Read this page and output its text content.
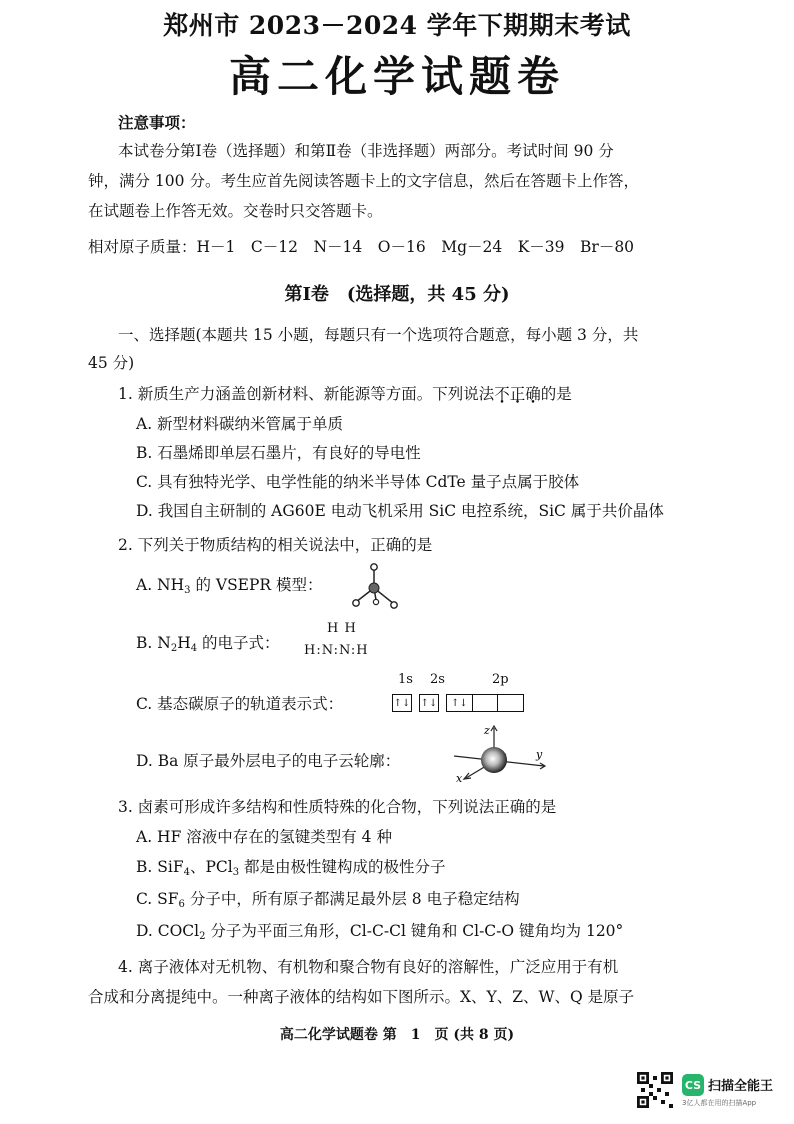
郑州市 2023－2024 学年下期期末考试
高二化学试题卷
注意事项：
本试卷分第Ⅰ卷（选择题）和第Ⅱ卷（非选择题）两部分。考试时间 90 分
钟，满分 100 分。考生应首先阅读答题卡上的文字信息，然后在答题卡上作答，
在试题卷上作答无效。交卷时只交答题卡。
相对原子质量：H－1　C－12　N－14　O－16　Mg－24　K－39　Br－80
第Ⅰ卷　(选择题，共 45 分)
一、选择题(本题共 15 小题，每题只有一个选项符合题意，每小题 3 分，共
45 分)
1. 新质生产力涵盖创新材料、新能源等方面。下列说法不正确的是
A. 新型材料碳纳米管属于单质
B. 石墨烯即单层石墨片，有良好的导电性
C. 具有独特光学、电学性能的纳米半导体 CdTe 量子点属于胶体
D. 我国自主研制的 AG60E 电动飞机采用 SiC 电控系统，SiC 属于共价晶体
2. 下列关于物质结构的相关说法中，正确的是
A. $NH_3$ 的 VSEPR 模型：
B. $N_2H_4$ 的电子式：
H H
H:N:N:H
C. 基态碳原子的轨道表示式：
1s 2s	2p
↑↓ ↑↓	↑↓
D. Ba 原子最外层电子的电子云轮廓：
z
y
x
3. 卤素可形成许多结构和性质特殊的化合物，下列说法正确的是
A. HF 溶液中存在的氢键类型有 4 种
B. SiF$_4$、PCl$_3$ 都是由极性键构成的极性分子
C. $SF_6$ 分子中，所有原子都满足最外层 8 电子稳定结构
D. COCl$_2$ 分子为平面三角形，Cl-C-Cl 键角和 Cl-C-O 键角均为 120°
4. 离子液体对无机物、有机物和聚合物有良好的溶解性，广泛应用于有机
合成和分离提纯中。一种离子液体的结构如下图所示。X、Y、Z、W、Q 是原子
高二化学试题卷 第　1　页 (共 8 页)
CS 扫描全能王
3亿人都在用的扫描App
